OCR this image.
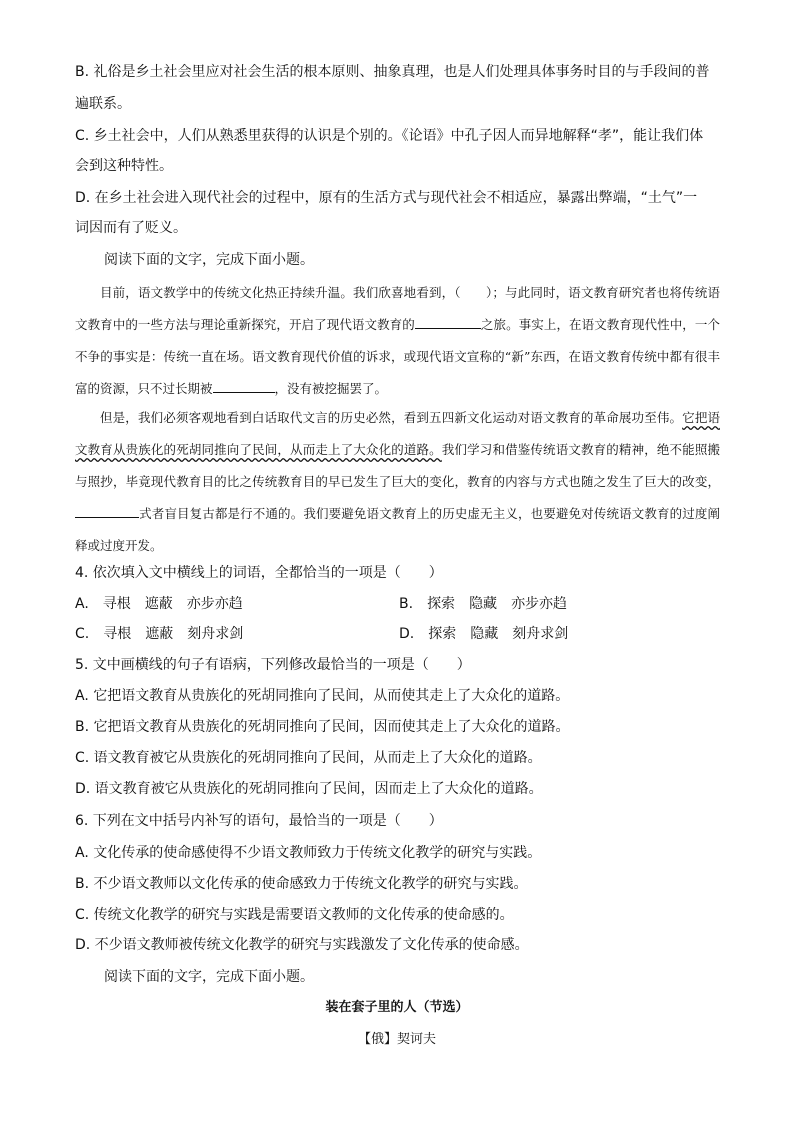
B. 礼俗是乡土社会里应对社会生活的根本原则、抽象真理，也是人们处理具体事务时目的与手段间的普
遍联系。
C. 乡土社会中，人们从熟悉里获得的认识是个别的。《论语》中孔子因人而异地解释“孝”，能让我们体
会到这种特性。
D. 在乡土社会进入现代社会的过程中，原有的生活方式与现代社会不相适应，暴露出弊端，“土气”一
词因而有了贬义。
阅读下面的文字，完成下面小题。
目前，语文教学中的传统文化热正持续升温。我们欣喜地看到，（　　）；与此同时，语文教育研究者也将传统语文教育中的一些方法与理论重新探究，开启了现代语文教育的	之旅。事实上，在语文教育现代性中，一个不争的事实是：传统一直在场。语文教育现代价值的诉求，或现代语文宣称的“新”东西，在语文教育传统中都有很丰富的资源，只不过长期被	，没有被挖掘罢了。
但是，我们必须客观地看到白话取代文言的历史必然，看到五四新文化运动对语文教育的革命展功至伟。它把语文教育从贵族化的死胡同推向了民间，从而走上了大众化的道路。我们学习和借鉴传统语文教育的精神，绝不能照搬与照抄，毕竟现代教育目的比之传统教育目的早已发生了巨大的变化，教育的内容与方式也随之发生了巨大的改变，式者盲目复古都是行不通的。我们要避免语文教育上的历史虚无主义，也要避免对传统语文教育的过度阐释或过度开发。
4. 依次填入文中横线上的词语，全都恰当的一项是（　　）
A. 寻根 遮蔽 亦步亦趋	B. 探索 隐藏 亦步亦趋
C. 寻根 遮蔽 刻舟求剑	D. 探索 隐藏 刻舟求剑
5. 文中画横线的句子有语病，下列修改最恰当的一项是（　　）
A. 它把语文教育从贵族化的死胡同推向了民间，从而使其走上了大众化的道路。
B. 它把语文教育从贵族化的死胡同推向了民间，因而使其走上了大众化的道路。
C. 语文教育被它从贵族化的死胡同推向了民间，从而走上了大众化的道路。
D. 语文教育被它从贵族化的死胡同推向了民间，因而走上了大众化的道路。
6. 下列在文中括号内补写的语句，最恰当的一项是（　　）
A. 文化传承的使命感使得不少语文教师致力于传统文化教学的研究与实践。
B. 不少语文教师以文化传承的使命感致力于传统文化教学的研究与实践。
C. 传统文化教学的研究与实践是需要语文教师的文化传承的使命感的。
D. 不少语文教师被传统文化教学的研究与实践激发了文化传承的使命感。
阅读下面的文字，完成下面小题。
装在套子里的人（节选）
【俄】契诃夫
